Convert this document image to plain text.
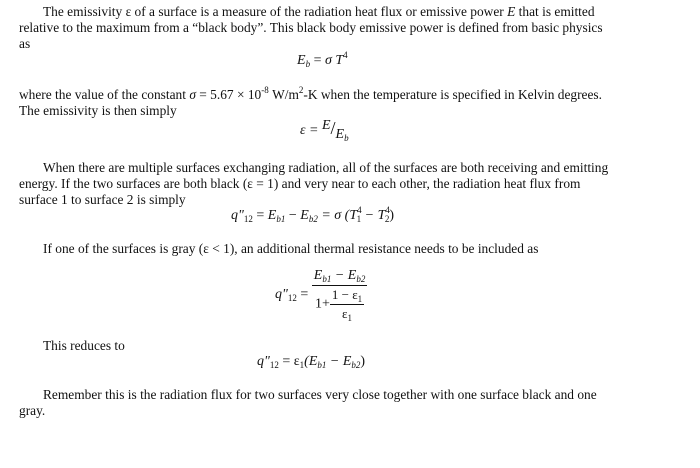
The emissivity ε of a surface is a measure of the radiation heat flux or emissive power E that is emitted
relative to the maximum from a “black body”. This black body emissive power is defined from basic physics
as
$E_b = \sigma$ $T^4$
where the value of the constant $\sigma = 5.67 \times 10^{-8}$ $W/m^2-K$ when the temperature is specified in Kelvin degrees.
The emissivity is then simply
$\varepsilon = E/E_b$
When there are multiple surfaces exchanging radiation, all of the surfaces are both receiving and emitting
energy. If the two surfaces are both black (ε = 1) and very near to each other, the radiation heat flux from
surface 1 to surface 2 is simply
$q"_{12} = E_{b1} - E_{b2} = \sigma$ $(T^4_1 - T^4_2)$
If one of the surfaces is gray (ε < 1), an additional thermal resistance needs to be included as
$q"_{12} = \frac{E_{b1} - E_{b2}}{1+ \frac{1 - \varepsilon_1}{\varepsilon_1}}$
This reduces to
$q"_{12} = \varepsilon_1(E_{b1} - E_{b2})$
Remember this is the radiation flux for two surfaces very close together with one surface black and one
gray.
